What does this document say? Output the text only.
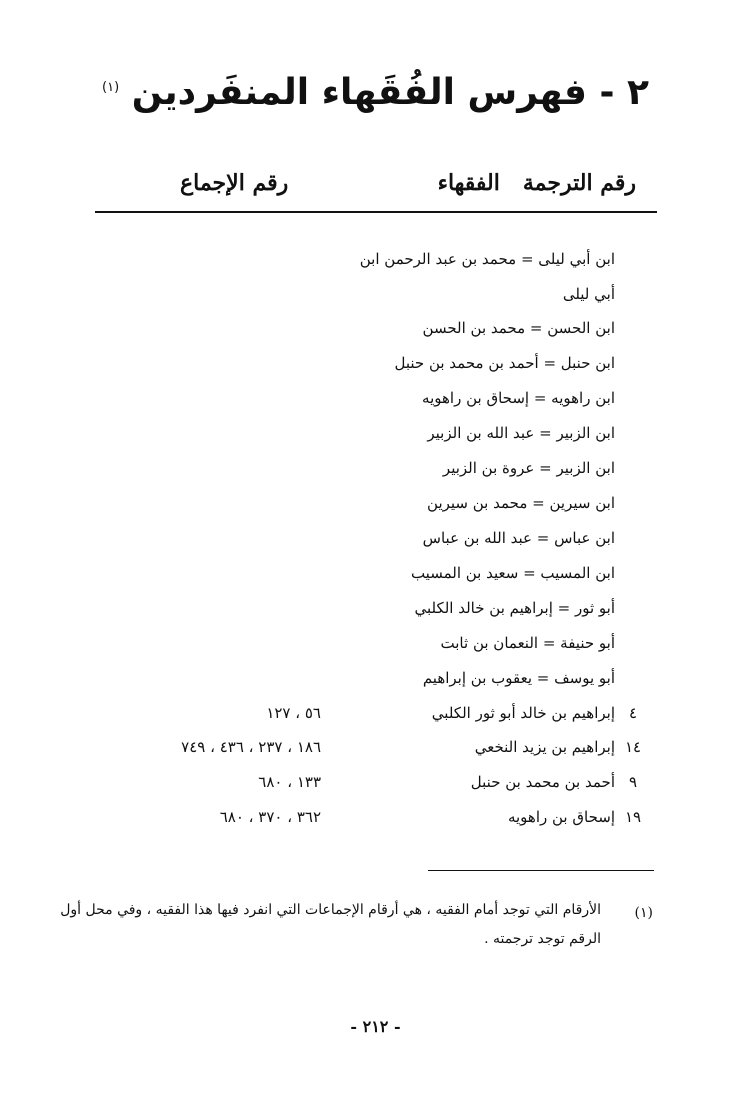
٢ - فهرس الفُقَهاء المنفَردين $^{(١)}$
رقم الترجمة   الفقهاء
رقم الإجماع
ابن أبي ليلى = محمد بن عبد الرحمن ابن
أبي ليلى
ابن الحسن = محمد بن الحسن
ابن حنبل = أحمد بن محمد بن حنبل
ابن راهويه = إسحاق بن راهويه
ابن الزبير = عبد الله بن الزبير
ابن الزبير = عروة بن الزبير
ابن سيرين = محمد بن سيرين
ابن عباس = عبد الله بن عباس
ابن المسيب = سعيد بن المسيب
أبو ثور = إبراهيم بن خالد الكلبي
أبو حنيفة = النعمان بن ثابت
أبو يوسف = يعقوب بن إبراهيم
٤
إبراهيم بن خالد أبو ثور الكلبي
٥٦ ، ١٢٧
١٤
إبراهيم بن يزيد النخعي
١٨٦ ، ٢٣٧ ، ٤٣٦ ، ٧٤٩
٩
أحمد بن محمد بن حنبل
١٣٣ ، ٦٨٠
١٩
إسحاق بن راهويه
٣٦٢ ، ٣٧٠ ، ٦٨٠
(١)
الأرقام التي توجد أمام الفقيه ، هي أرقام الإجماعات التي انفرد فيها هذا الفقيه ، وفي محل أول الرقم توجد ترجمته .
- ٢١٢ -
